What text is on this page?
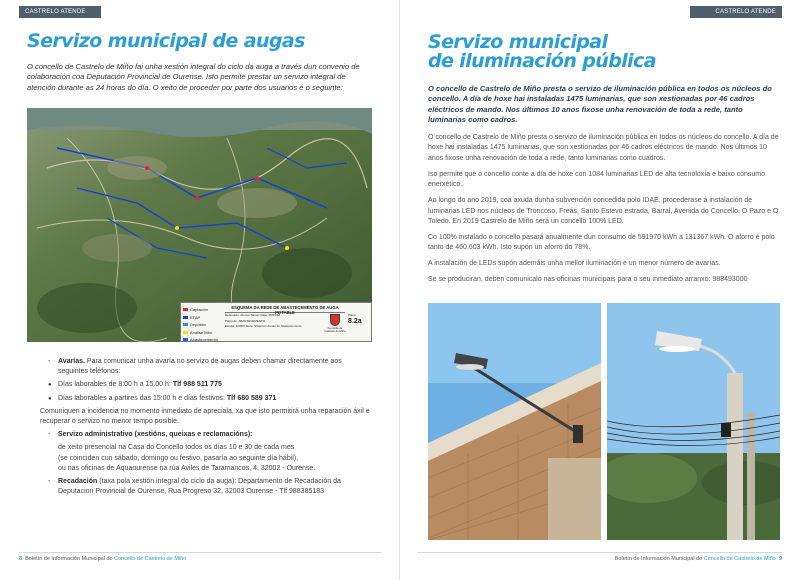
CASTRELO ATENDE
Servizo municipal de augas

O concello de Castrelo de Miño fai unha xestión integral do ciclo da auga a través dun convenio de colaboración coa Deputación Provincial de Ourense. Isto permite prestar un servizo integral de atención durante as 24 horas do día. O xeito de proceder por parte dos usuarios é o seguinte:

Captación
ETAP
Depósito
Análise Mito
Abastecemento
ESQUEMA DA REDE DE ABASTECEMENTO DE AUGA POTABLE
Debuxado: Afonso Tamarr Data: 05/03/18
Plano de: ABASTECEMENTO
Escala: 1/4000 Zona: Situación Zonas de Abastecemento	Concello de Castrelo de Miño
Plano
8.2a

- Avarías. Para comunicar unha avaría no servizo de augas deben chamar directamente aos seguintes teléfonos:

● Días laborables de 8:00 h a 15.00 h: Tlf 988 511 775

● Días laborables a partires das 15:00 h e días festivos: Tlf 680 589 371

Comuniquen a incidencia no momento inmediato de apreciala, xa que isto permitirá unha reparación áxil e recuperar o servizo no menor tempo posible.

- Servizo administrativo (xestións, queixas e reclamacións):

de xeito presencial na Casa do Concello todos os días 10 e 30 de cada mes

(se coinciden cun sábado, domingo ou festivo, pasaría ao seguinte día hábil),

ou nas oficinas de Aquaourense na rúa Aviles de Taramancos, 4, 32002 - Ourense.

- Recadación (taxa pola xestión integral do ciclo da auga): Departamento de Recadación da Deputacion Provincial de Ourense, Rua Progreso 32, 32003 Ourense - Tlf 988385183

8 Boletín de Información Municipal do Concello de Castrelo de Miño
CASTRELO ATENDE
Servizo municipal
de iluminación pública

O concello de Castrelo de Miño presta o servizo de iluminación pública en todos os núcleos do concello. A día de hoxe hai instaladas 1475 luminarias, que son xestionadas por 46 cadros eléctricos de mando. Nos últimos 10 anos fixose unha renovación de toda a rede, tanto luminarias como cadros.

O concello de Castrelo de Miño presta o servizo de iluminación pública en todos os núcleos do concello. A día de hoxe hai instaladas 1475 luminarias, que son xestionadas por 46 cadros eléctricos de mando. Nos últimos 10 anos fixose unha renovación de toda a rede, tanto luminarias como cuadros.

Iso permite que o concello conte a día de hoxe con 1084 luminarias LED de alta tecnoloxía e baixo consumo enerxético.

Ao longo do ano 2019, coa axuda dunha subvención concedida polo IDAE, procederase á instalación de luminarias LED nos núcleos de Troncoso, Freás, Santo Estevo estrada, Barral, Avenida do Concello, O Pazo e O Toledo. En 2019 Castrelo de Miño será un concello 100% LED.

Co 100% instalado o concello pasará anualmente dun consumo de 591970 kWh a 131367 kWh. O aforro é polo tanto de 460.603 kWh. Isto supón un aforro do 78%.

A instalación de LEDs supón ademáis unha mellor iluminación e un menor número de avarías.

Se se produciran, deben comunicalo nas oficinas municipais para o seu inmediato arranxo: 988493000

Boletín de Información Municipal do Concello de Castrelo de Miño 9
